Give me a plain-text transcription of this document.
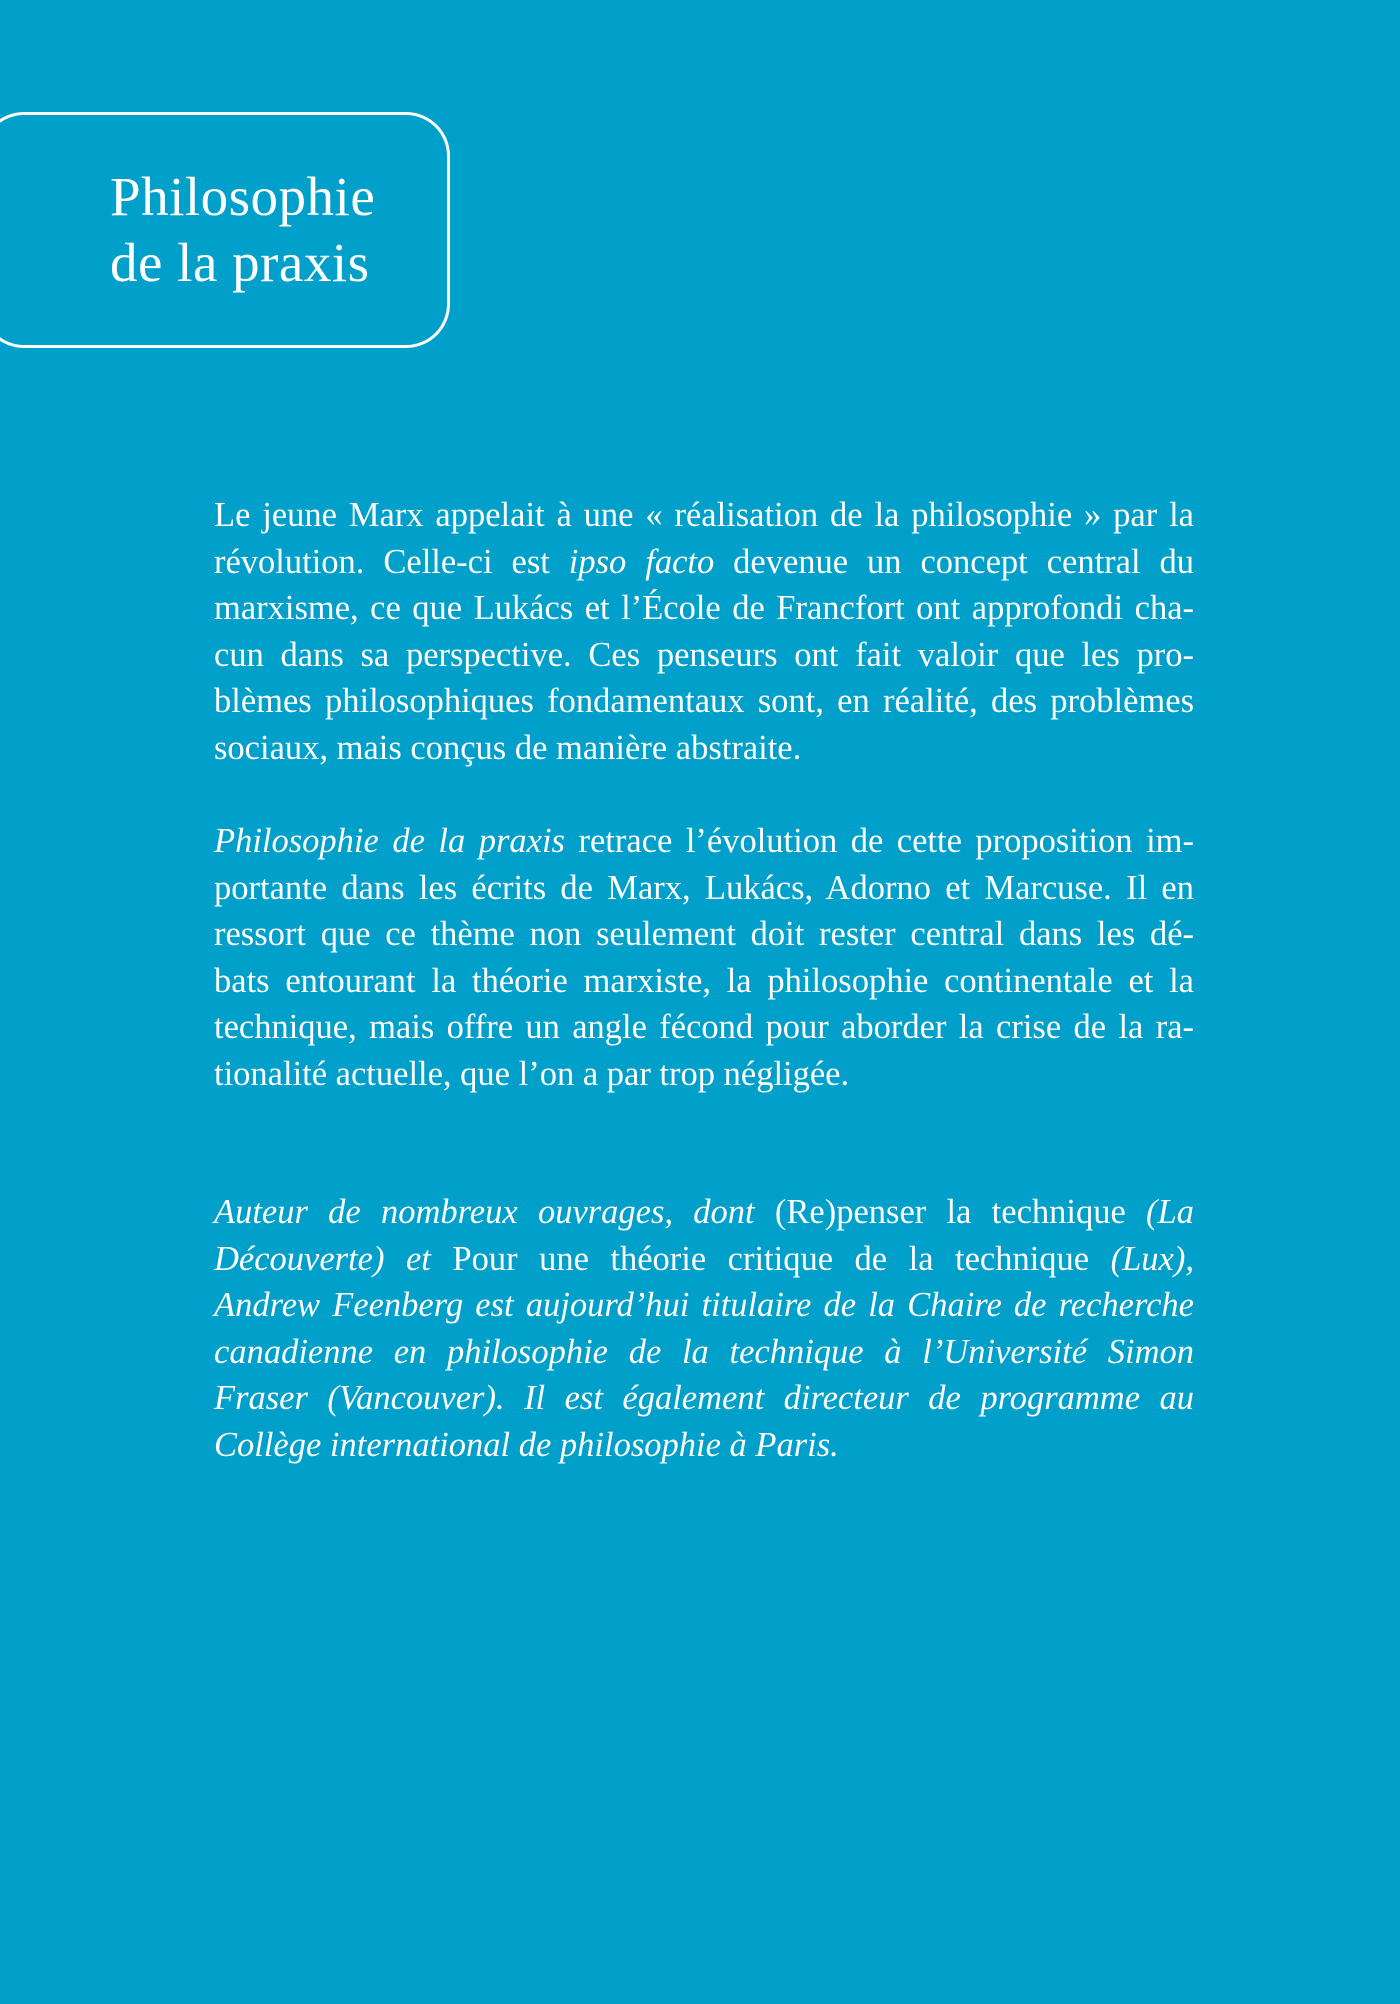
Philosophie
de la praxis
Le jeune Marx appelait à une « réalisation de la philosophie » par la
révolution. Celle-ci est ipso facto devenue un concept central du
marxisme, ce que Lukács et l’École de Francfort ont approfondi cha-
cun dans sa perspective. Ces penseurs ont fait valoir que les pro-
blèmes philosophiques fondamentaux sont, en réalité, des problèmes
sociaux, mais conçus de manière abstraite.
Philosophie de la praxis retrace l’évolution de cette proposition im-
portante dans les écrits de Marx, Lukács, Adorno et Marcuse. Il en
ressort que ce thème non seulement doit rester central dans les dé-
bats entourant la théorie marxiste, la philosophie continentale et la
technique, mais offre un angle fécond pour aborder la crise de la ra-
tionalité actuelle, que l’on a par trop négligée.
Auteur de nombreux ouvrages, dont (Re)penser la technique (La
Découverte) et Pour une théorie critique de la technique (Lux),
Andrew Feenberg est aujourd’hui titulaire de la Chaire de recherche
canadienne en philosophie de la technique à l’Université Simon
Fraser (Vancouver). Il est également directeur de programme au
Collège international de philosophie à Paris.
